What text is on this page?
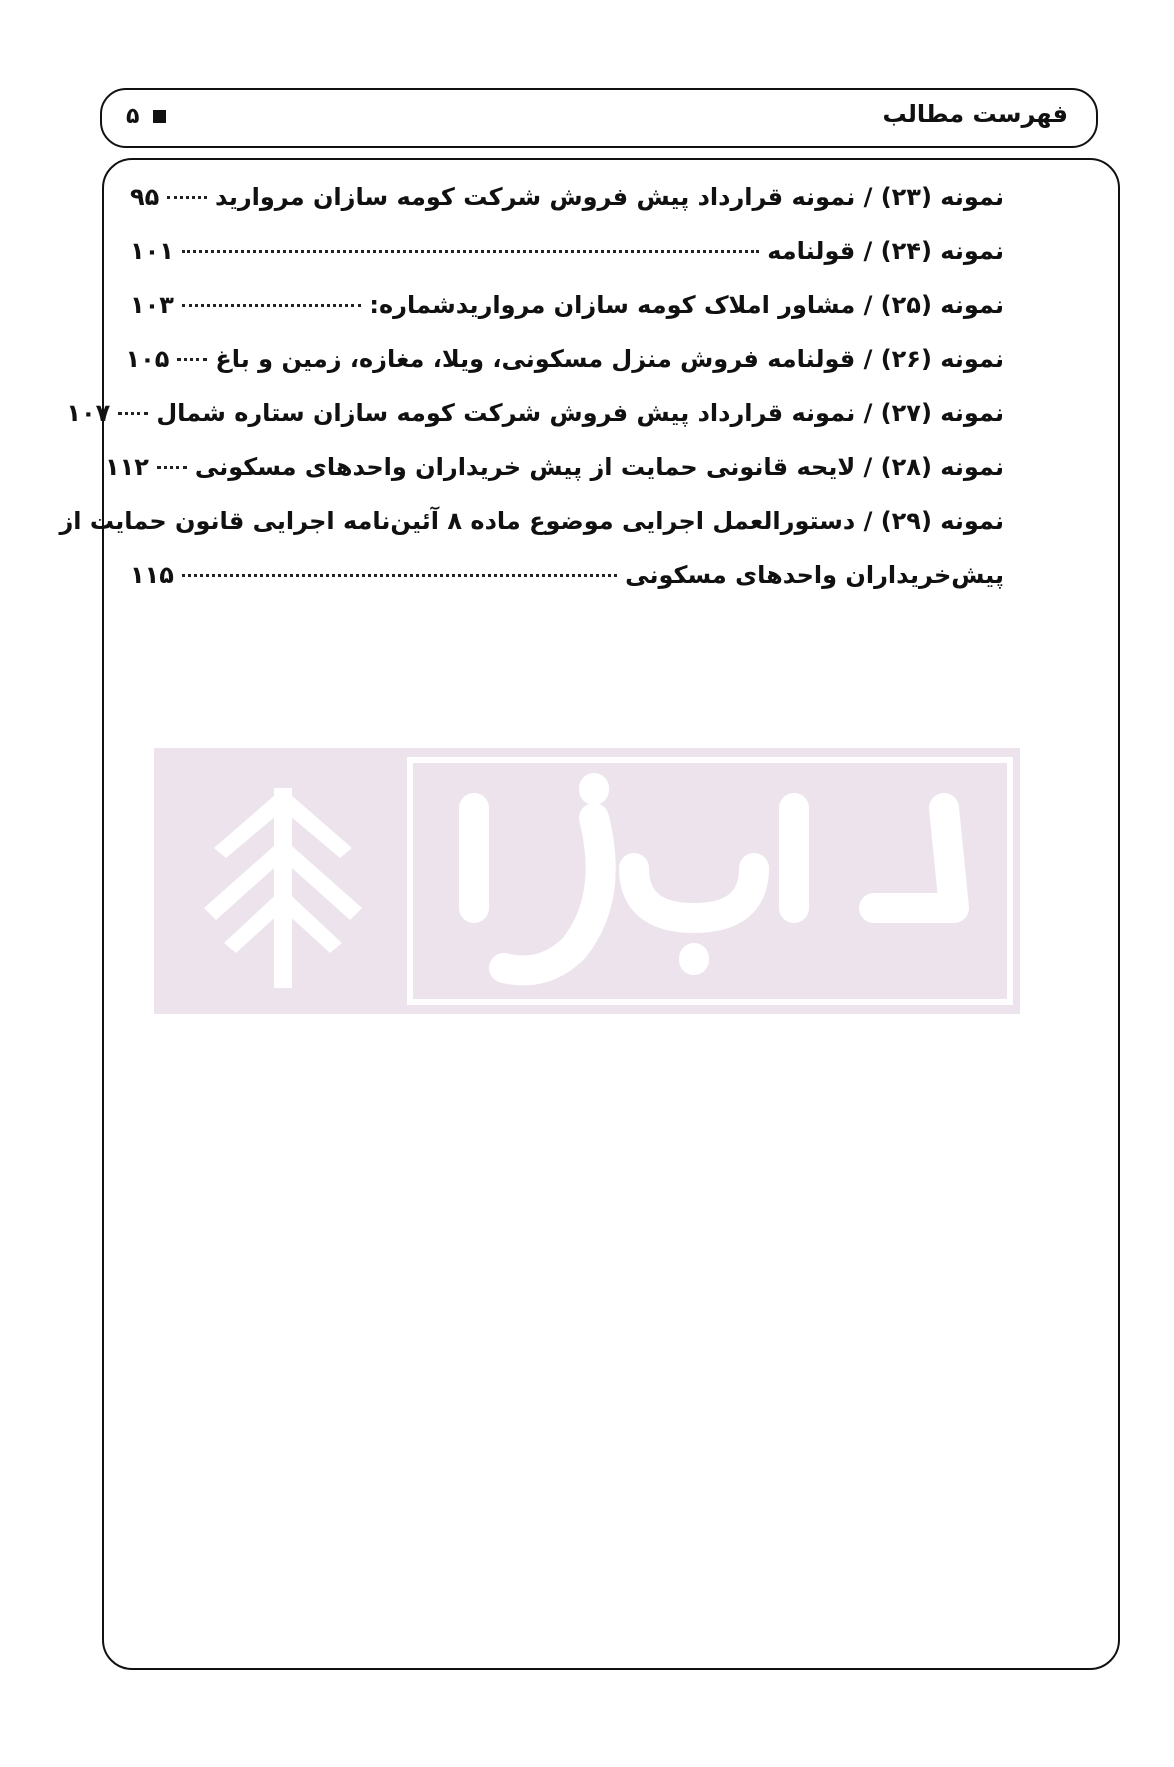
فهرست مطالب
۵
نمونه (۲۳) / نمونه قرارداد پیش فروش شرکت کومه سازان مروارید
۹۵
نمونه (۲۴) / قولنامه
۱۰۱
نمونه (۲۵) / مشاور املاک کومه سازان مرواریدشماره:
۱۰۳
نمونه (۲۶) / قولنامه فروش منزل مسکونی، ویلا، مغازه، زمین و باغ
۱۰۵
نمونه (۲۷) / نمونه قرارداد پیش فروش شرکت کومه سازان ستاره شمال
۱۰۷
نمونه (۲۸) / لایحه قانونی حمایت از پیش خریداران واحدهای مسکونی
۱۱۲
نمونه (۲۹) / دستورالعمل اجرایی موضوع ماده ۸ آئین‌نامه اجرایی قانون حمایت از
پیش‌خریداران واحدهای مسکونی
۱۱۵
